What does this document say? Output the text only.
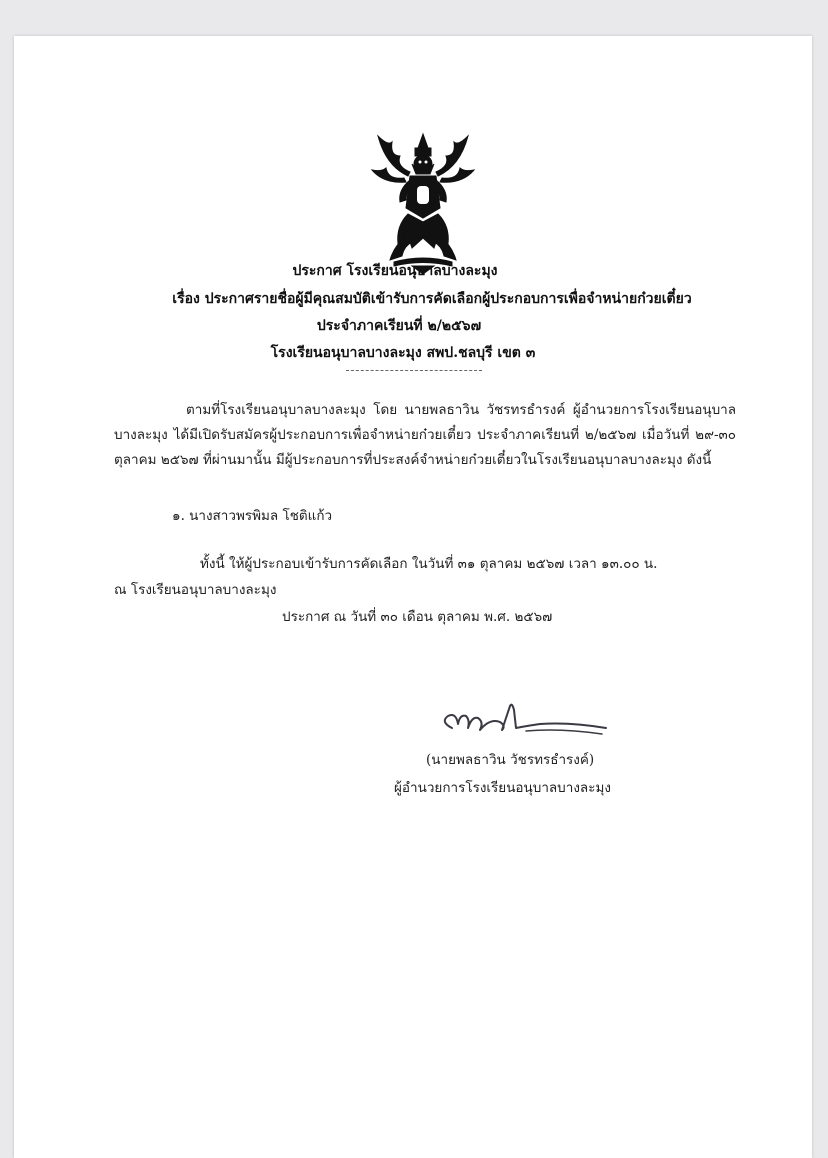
ประกาศ โรงเรียนอนุบาลบางละมุง
เรื่อง ประกาศรายชื่อผู้มีคุณสมบัติเข้ารับการคัดเลือกผู้ประกอบการเพื่อจำหน่ายก๋วยเตี๋ยว
ประจำภาคเรียนที่ ๒/๒๕๖๗
โรงเรียนอนุบาลบางละมุง สพป.ชลบุรี เขต ๓
ตามที่โรงเรียนอนุบาลบางละมุง โดย นายพลธาวิน วัชรทรธำรงค์ ผู้อำนวยการโรงเรียนอนุบาลบางละมุง ได้มีเปิดรับสมัครผู้ประกอบการเพื่อจำหน่ายก๋วยเตี๋ยว ประจำภาคเรียนที่ ๒/๒๕๖๗ เมื่อวันที่ ๒๙-๓๐ ตุลาคม ๒๕๖๗ ที่ผ่านมานั้น มีผู้ประกอบการที่ประสงค์จำหน่ายก๋วยเตี๋ยวในโรงเรียนอนุบาลบางละมุง ดังนี้
๑. นางสาวพรพิมล โชติแก้ว
ทั้งนี้ ให้ผู้ประกอบเข้ารับการคัดเลือก ในวันที่ ๓๑ ตุลาคม ๒๕๖๗ เวลา ๑๓.๐๐ น.
ณ โรงเรียนอนุบาลบางละมุง
ประกาศ ณ วันที่ ๓๐ เดือน ตุลาคม พ.ศ. ๒๕๖๗
(นายพลธาวิน วัชรทรธำรงค์)
ผู้อำนวยการโรงเรียนอนุบาลบางละมุง
